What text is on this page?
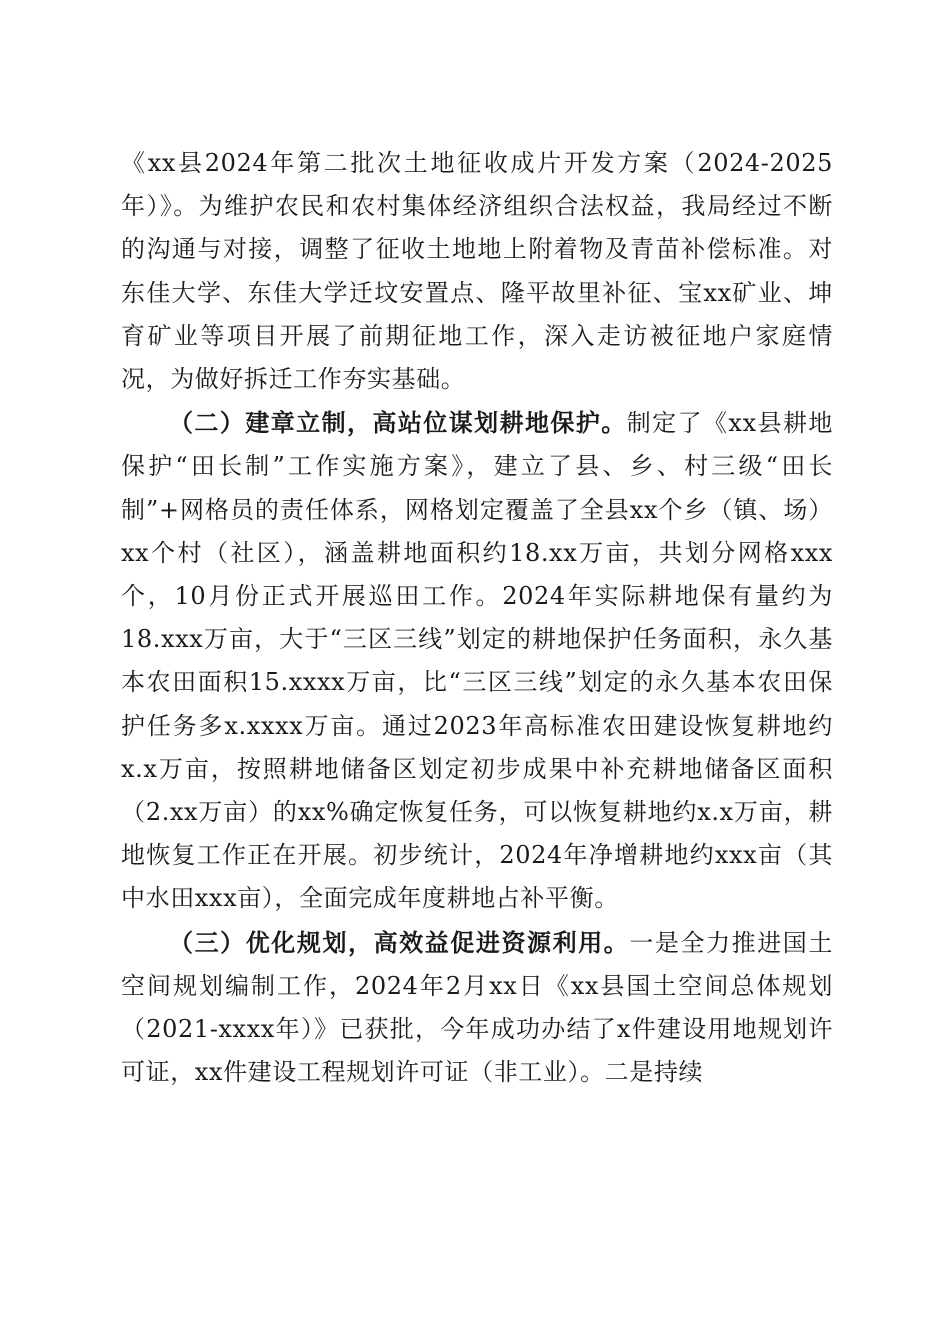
《xx县2024年第二批次土地征收成片开发方案（2024-2025年）》。为维护农民和农村集体经济组织合法权益，我局经过不断的沟通与对接，调整了征收土地地上附着物及青苗补偿标准。对东佳大学、东佳大学迁坟安置点、隆平故里补征、宝xx矿业、坤育矿业等项目开展了前期征地工作，深入走访被征地户家庭情况，为做好拆迁工作夯实基础。

（二）建章立制，高站位谋划耕地保护。制定了《xx县耕地保护“田长制”工作实施方案》，建立了县、乡、村三级“田长制”+网格员的责任体系，网格划定覆盖了全县xx个乡（镇、场）xx个村（社区），涵盖耕地面积约18.xx万亩，共划分网格xxx个，10月份正式开展巡田工作。2024年实际耕地保有量约为18.xxx万亩，大于“三区三线”划定的耕地保护任务面积，永久基本农田面积15.xxxx万亩，比“三区三线”划定的永久基本农田保护任务多x.xxxx万亩。通过2023年高标准农田建设恢复耕地约x.x万亩，按照耕地储备区划定初步成果中补充耕地储备区面积（2.xx万亩）的xx%确定恢复任务，可以恢复耕地约x.x万亩，耕地恢复工作正在开展。初步统计，2024年净增耕地约xxx亩（其中水田xxx亩），全面完成年度耕地占补平衡。

（三）优化规划，高效益促进资源利用。一是全力推进国土空间规划编制工作，2024年2月xx日《xx县国土空间总体规划（2021-xxxx年）》已获批，今年成功办结了x件建设用地规划许可证，xx件建设工程规划许可证（非工业）。二是持续
